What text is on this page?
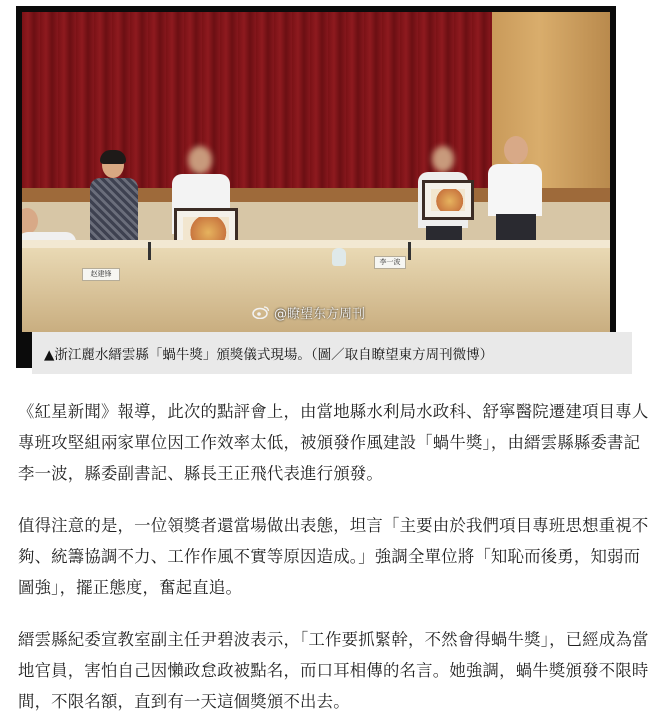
赵建锋
李一波
@瞭望东方周刊
▲浙江麗水縉雲縣「蝸牛獎」頒獎儀式現場。（圖／取自瞭望東方周刊微博）
《紅星新聞》報導，此次的點評會上，由當地縣水利局水政科、舒寧醫院遷建項目專人專班攻堅組兩家單位因工作效率太低，被頒發作風建設「蝸牛獎」，由縉雲縣縣委書記李一波，縣委副書記、縣長王正飛代表進行頒發。
值得注意的是，一位領獎者還當場做出表態，坦言「主要由於我們項目專班思想重視不夠、統籌協調不力、工作作風不實等原因造成。」強調全單位將「知恥而後勇，知弱而圖強」，擺正態度，奮起直追。
縉雲縣紀委宣教室副主任尹碧波表示，「工作要抓緊幹，不然會得蝸牛獎」，已經成為當地官員，害怕自己因懶政怠政被點名，而口耳相傳的名言。她強調，蝸牛獎頒發不限時間，不限名額，直到有一天這個獎頒不出去。
